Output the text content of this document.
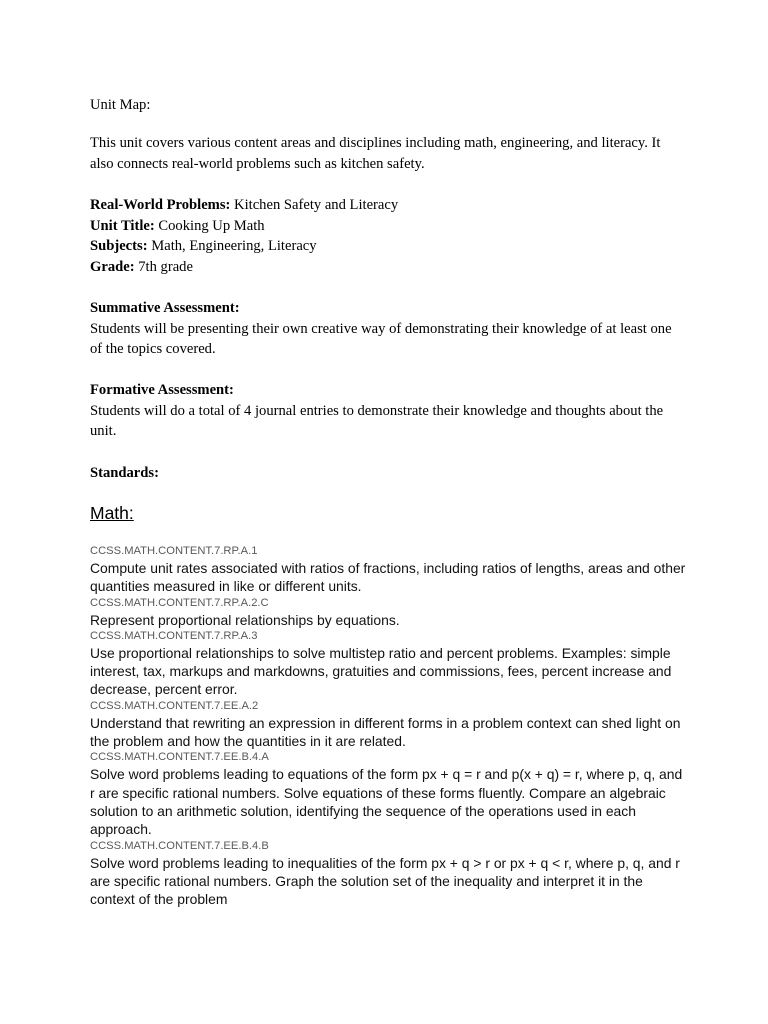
Unit Map:
This unit covers various content areas and disciplines including math, engineering, and literacy. It also connects real-world problems such as kitchen safety.
Real-World Problems: Kitchen Safety and Literacy
Unit Title: Cooking Up Math
Subjects: Math, Engineering, Literacy
Grade: 7th grade
Summative Assessment:
Students will be presenting their own creative way of demonstrating their knowledge of at least one of the topics covered.
Formative Assessment:
Students will do a total of 4 journal entries to demonstrate their knowledge and thoughts about the unit.
Standards:
Math:
CCSS.MATH.CONTENT.7.RP.A.1
Compute unit rates associated with ratios of fractions, including ratios of lengths, areas and other quantities measured in like or different units.
CCSS.MATH.CONTENT.7.RP.A.2.C
Represent proportional relationships by equations.
CCSS.MATH.CONTENT.7.RP.A.3
Use proportional relationships to solve multistep ratio and percent problems. Examples: simple interest, tax, markups and markdowns, gratuities and commissions, fees, percent increase and decrease, percent error.
CCSS.MATH.CONTENT.7.EE.A.2
Understand that rewriting an expression in different forms in a problem context can shed light on the problem and how the quantities in it are related.
CCSS.MATH.CONTENT.7.EE.B.4.A
Solve word problems leading to equations of the form px + q = r and p(x + q) = r, where p, q, and r are specific rational numbers. Solve equations of these forms fluently. Compare an algebraic solution to an arithmetic solution, identifying the sequence of the operations used in each approach.
CCSS.MATH.CONTENT.7.EE.B.4.B
Solve word problems leading to inequalities of the form px + q > r or px + q < r, where p, q, and r are specific rational numbers. Graph the solution set of the inequality and interpret it in the context of the problem
